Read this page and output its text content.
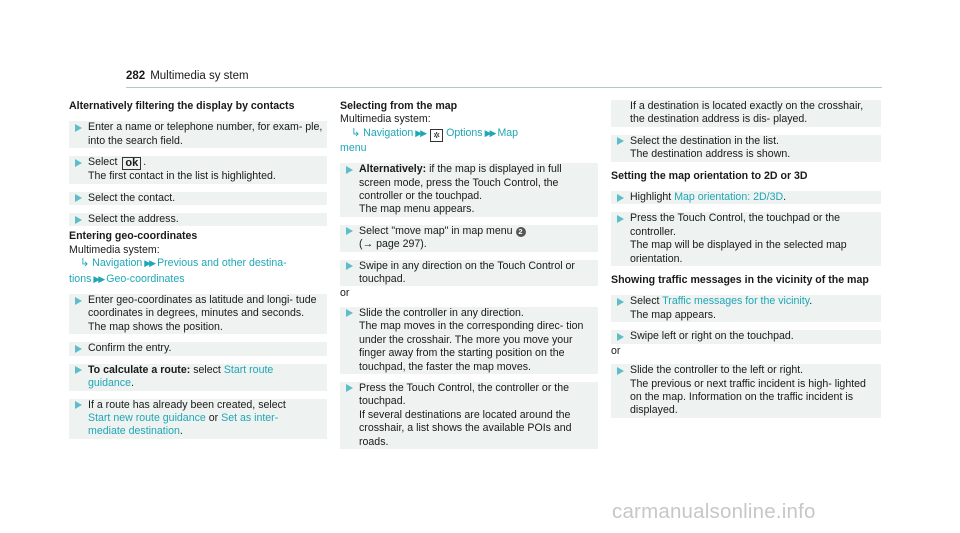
282 Multimedia sy stem
Alternatively filtering the display by contacts
Enter a name or telephone number, for exam‐ ple, into the search field.
Select ok .
The first contact in the list is highlighted.
Select the contact.
Select the address.
Entering geo-coordinates
Multimedia system:
↳ Navigation ▶▶ Previous and other destina-
tions ▶▶ Geo-coordinates
Enter geo-coordinates as latitude and longi‐ tude coordinates in degrees, minutes and seconds.
The map shows the position.
Confirm the entry.
To calculate a route: select Start route
guidance.
If a route has already been created, select
Start new route guidance or Set as inter-
mediate destination.
Selecting from the map
Multimedia system:
↳ Navigation ▶▶ ✲ Options ▶▶ Map
menu
Alternatively: if the map is displayed in full screen mode, press the Touch Control, the controller or the touchpad.
The map menu appears.
Select "move map" in map menu 2
(→ page 297).
Swipe in any direction on the Touch Control or touchpad.
or
Slide the controller in any direction.
The map moves in the corresponding direc‐ tion under the crosshair. The more you move your finger away from the starting position on the touchpad, the faster the map moves.
Press the Touch Control, the controller or the touchpad.
If several destinations are located around the crosshair, a list shows the available POIs and roads.
If a destination is located exactly on the crosshair, the destination address is dis‐ played.
Select the destination in the list.
The destination address is shown.
Setting the map orientation to 2D or 3D
Highlight Map orientation: 2D/3D.
Press the Touch Control, the touchpad or the controller.
The map will be displayed in the selected map orientation.
Showing traffic messages in the vicinity of the map
Select Traffic messages for the vicinity.
The map appears.
Swipe left or right on the touchpad.
or
Slide the controller to the left or right.
The previous or next traffic incident is high‐ lighted on the map. Information on the traffic incident is displayed.
carmanualsonline.info
